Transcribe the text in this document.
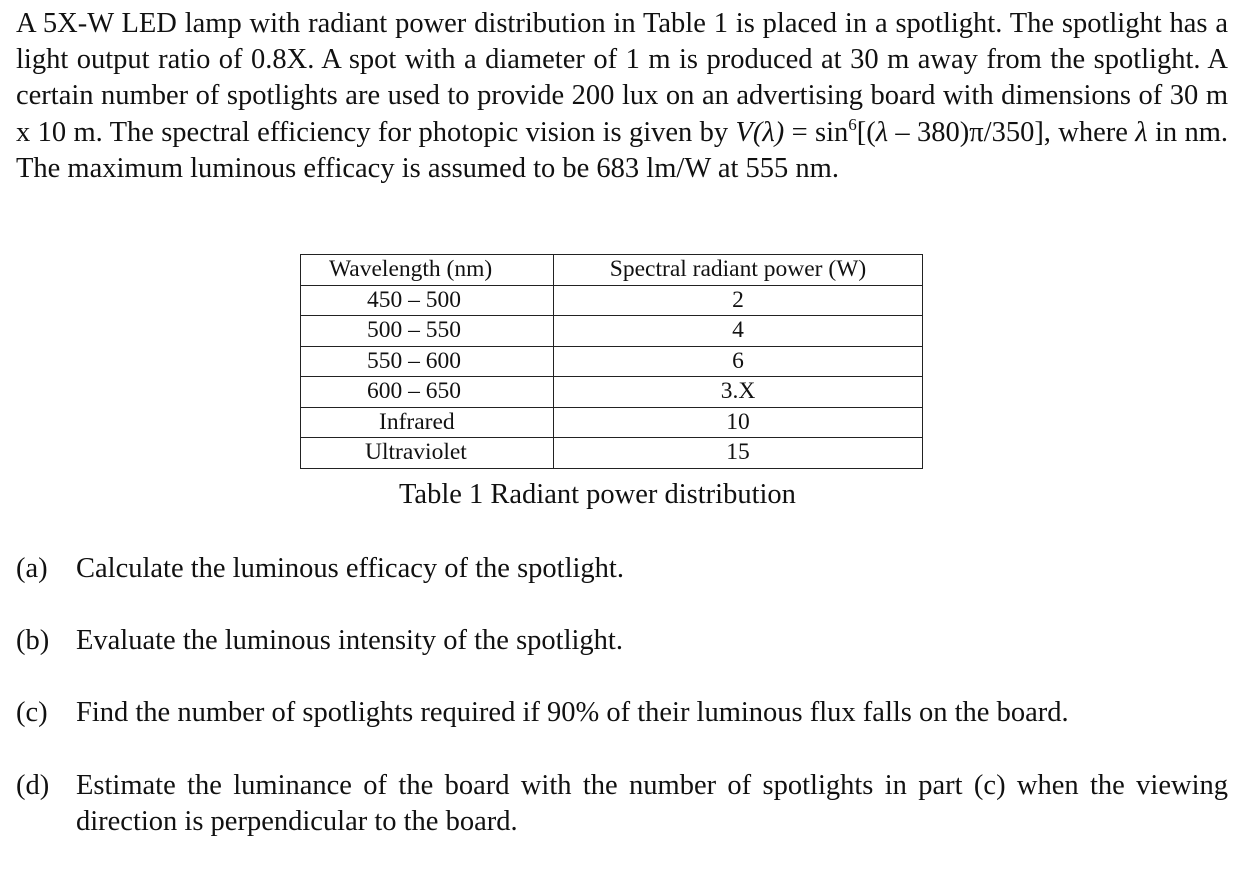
A 5X-W LED lamp with radiant power distribution in Table 1 is placed in a spotlight. The spotlight has a light output ratio of 0.8X. A spot with a diameter of 1 m is produced at 30 m away from the spotlight. A certain number of spotlights are used to provide 200 lux on an advertising board with dimensions of 30 m x 10 m. The spectral efficiency for photopic vision is given by $V(\lambda) = \sin^6[(\lambda - 380)\pi/350]$, where λ in nm. The maximum luminous efficacy is assumed to be 683 lm/W at 555 nm.

Wavelength (nm)	Spectral radiant power (W)
450 – 500	2
500 – 550	4
550 – 600	6
600 – 650	3.X
Infrared	10
Ultraviolet	15
Table 1 Radiant power distribution
(a) Calculate the luminous efficacy of the spotlight.
(b) Evaluate the luminous intensity of the spotlight.
(c) Find the number of spotlights required if 90% of their luminous flux falls on the board.
(d) Estimate the luminance of the board with the number of spotlights in part (c) when the viewing direction is perpendicular to the board.
